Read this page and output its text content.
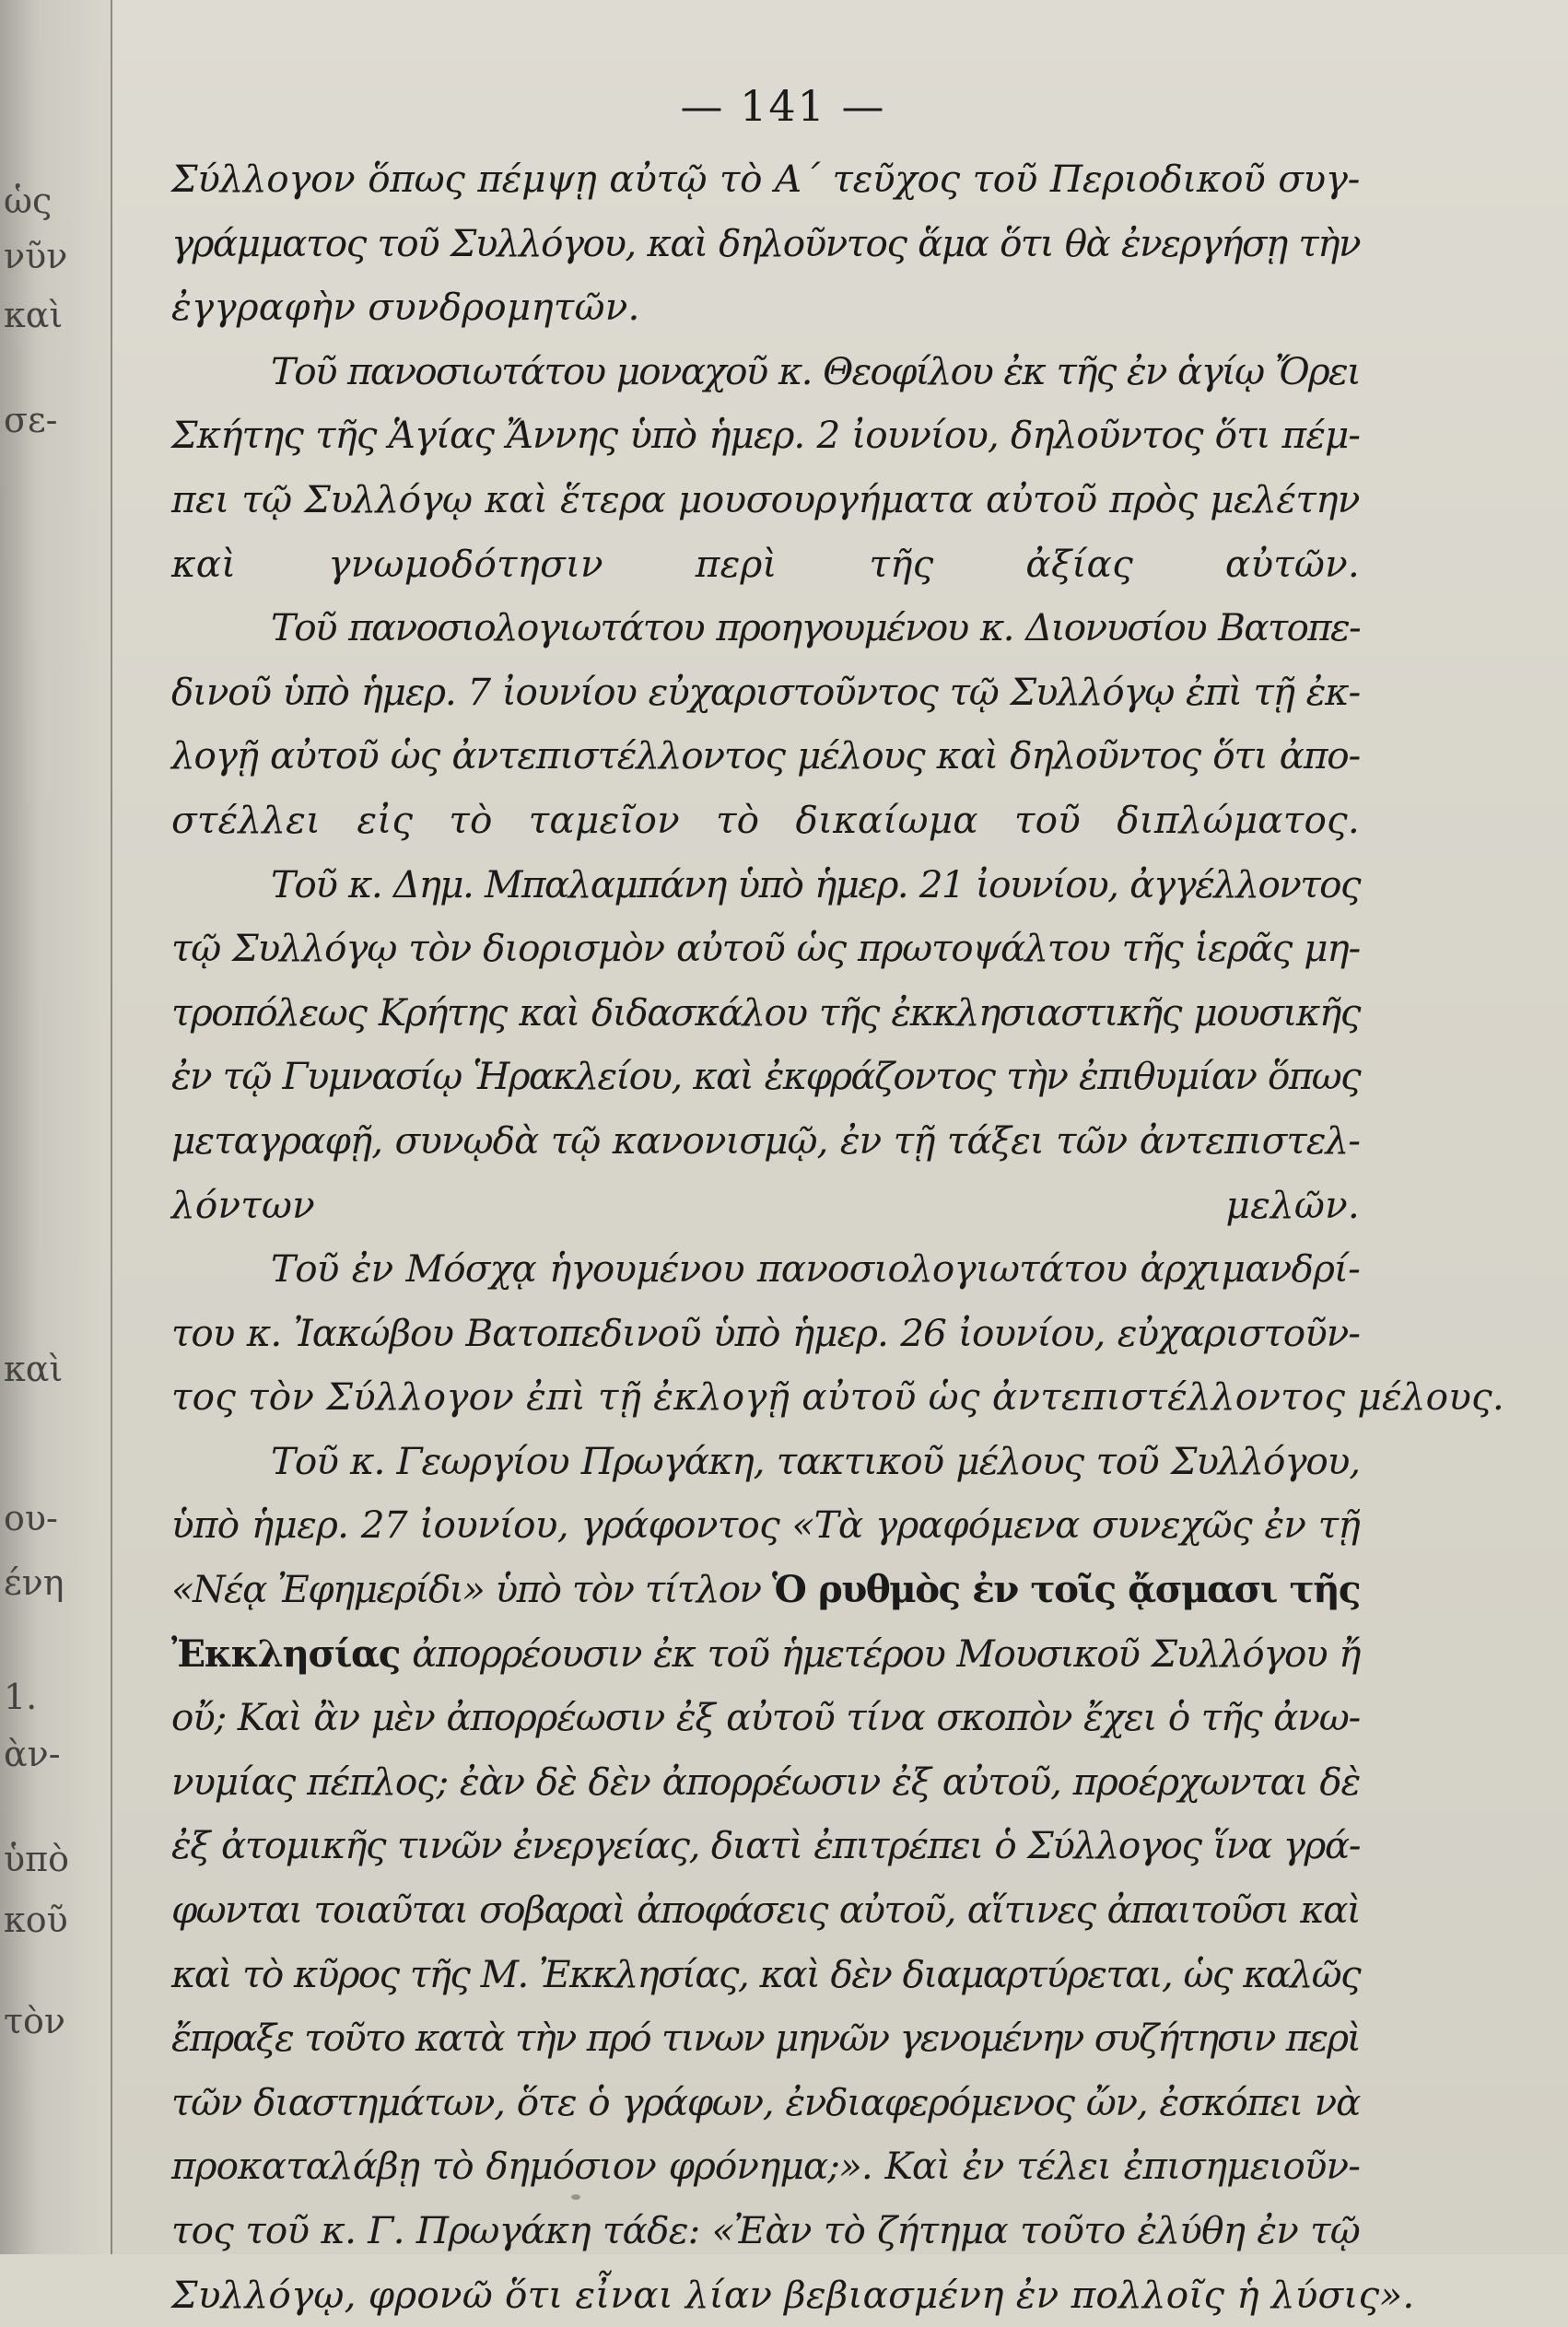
ὡς
νῦν
καὶ
σε-
καὶ
ου-
ένη
1.
ὰν-
ὑπὸ
κοῦ
τὸν
— 141 —

Σύλλογον ὅπως πέμψῃ αὐτῷ τὸ Α΄ τεῦχος τοῦ Περιοδικοῦ συγ-
γράμματος τοῦ Συλλόγου, καὶ δηλοῦντος ἅμα ὅτι θὰ ἐνεργήσῃ τὴν
ἐγγραφὴν συνδρομητῶν.

Τοῦ πανοσιωτάτου μοναχοῦ κ. Θεοφίλου ἐκ τῆς ἐν ἁγίῳ Ὄρει
Σκήτης τῆς Ἁγίας Ἄννης ὑπὸ ἡμερ. 2 ἰουνίου, δηλοῦντος ὅτι πέμ-
πει τῷ Συλλόγῳ καὶ ἕτερα μουσουργήματα αὐτοῦ πρὸς μελέτην
καὶ γνωμοδότησιν περὶ τῆς ἀξίας αὐτῶν.

Τοῦ πανοσιολογιωτάτου προηγουμένου κ. Διονυσίου Βατοπε-
δινοῦ ὑπὸ ἡμερ. 7 ἰουνίου εὐχαριστοῦντος τῷ Συλλόγῳ ἐπὶ τῇ ἐκ-
λογῇ αὐτοῦ ὡς ἀντεπιστέλλοντος μέλους καὶ δηλοῦντος ὅτι ἀπο-
στέλλει εἰς τὸ ταμεῖον τὸ δικαίωμα τοῦ διπλώματος.

Τοῦ κ. Δημ. Μπαλαμπάνη ὑπὸ ἡμερ. 21 ἰουνίου, ἀγγέλλοντος
τῷ Συλλόγῳ τὸν διορισμὸν αὐτοῦ ὡς πρωτοψάλτου τῆς ἱερᾶς μη-
τροπόλεως Κρήτης καὶ διδασκάλου τῆς ἐκκλησιαστικῆς μουσικῆς
ἐν τῷ Γυμνασίῳ Ἡρακλείου, καὶ ἐκφράζοντος τὴν ἐπιθυμίαν ὅπως
μεταγραφῇ, συνῳδὰ τῷ κανονισμῷ, ἐν τῇ τάξει τῶν ἀντεπιστελ-
λόντων μελῶν.

Τοῦ ἐν Μόσχᾳ ἡγουμένου πανοσιολογιωτάτου ἀρχιμανδρί-
του κ. Ἰακώβου Βατοπεδινοῦ ὑπὸ ἡμερ. 26 ἰουνίου, εὐχαριστοῦν-
τος τὸν Σύλλογον ἐπὶ τῇ ἐκλογῇ αὐτοῦ ὡς ἀντεπιστέλλοντος μέλους.

Τοῦ κ. Γεωργίου Πρωγάκη, τακτικοῦ μέλους τοῦ Συλλόγου,
ὑπὸ ἡμερ. 27 ἰουνίου, γράφοντος «Τὰ γραφόμενα συνεχῶς ἐν τῇ
«Νέᾳ Ἐφημερίδι» ὑπὸ τὸν τίτλον Ὁ ρυθμὸς ἐν τοῖς ᾄσμασι τῆς
Ἐκκλησίας ἀπορρέουσιν ἐκ τοῦ ἡμετέρου Μουσικοῦ Συλλόγου ἤ
οὔ; Καὶ ἂν μὲν ἀπορρέωσιν ἐξ αὐτοῦ τίνα σκοπὸν ἔχει ὁ τῆς ἀνω-
νυμίας πέπλος; ἐὰν δὲ δὲν ἀπορρέωσιν ἐξ αὐτοῦ, προέρχωνται δὲ
ἐξ ἀτομικῆς τινῶν ἐνεργείας, διατὶ ἐπιτρέπει ὁ Σύλλογος ἵνα γρά-
φωνται τοιαῦται σοβαραὶ ἀποφάσεις αὐτοῦ, αἵτινες ἀπαιτοῦσι καὶ
καὶ τὸ κῦρος τῆς Μ. Ἐκκλησίας, καὶ δὲν διαμαρτύρεται, ὡς καλῶς
ἔπραξε τοῦτο κατὰ τὴν πρό τινων μηνῶν γενομένην συζήτησιν περὶ
τῶν διαστημάτων, ὅτε ὁ γράφων, ἐνδιαφερόμενος ὤν, ἐσκόπει νὰ
προκαταλάβῃ τὸ δημόσιον φρόνημα;». Καὶ ἐν τέλει ἐπισημειοῦν-
τος τοῦ κ. Γ. Πρωγάκη τάδε: «Ἐὰν τὸ ζήτημα τοῦτο ἐλύθη ἐν τῷ
Συλλόγῳ, φρονῶ ὅτι εἶναι λίαν βεβιασμένη ἐν πολλοῖς ἡ λύσις».
